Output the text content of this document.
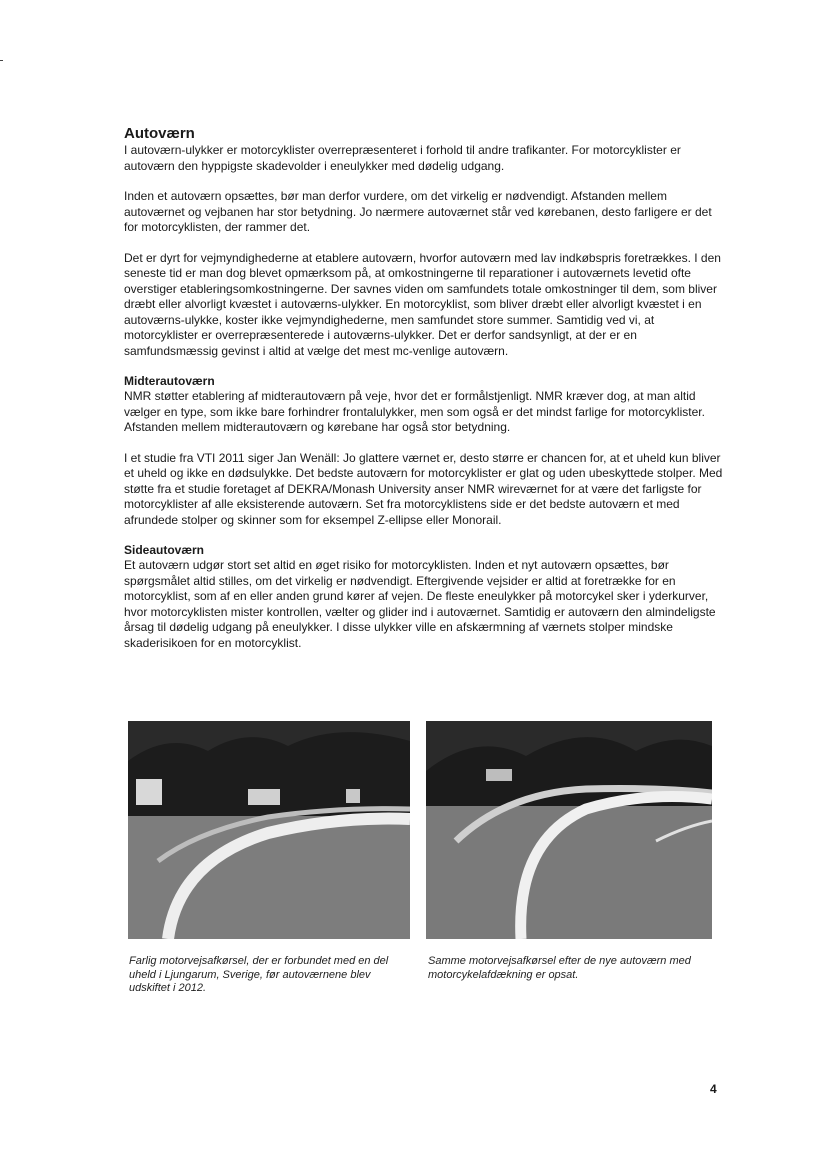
Autoværn

I autoværn-ulykker er motorcyklister overrepræsenteret i forhold til andre trafikanter. For motorcyklister er autoværn den hyppigste skadevolder i eneulykker med dødelig udgang.

Inden et autoværn opsættes, bør man derfor vurdere, om det virkelig er nødvendigt. Afstanden mellem autoværnet og vejbanen har stor betydning. Jo nærmere autoværnet står ved kørebanen, desto farligere er det for motorcyklisten, der rammer det.

Det er dyrt for vejmyndighederne at etablere autoværn, hvorfor autoværn med lav indkøbspris foretrækkes. I den seneste tid er man dog blevet opmærksom på, at omkostningerne til reparationer i autoværnets levetid ofte overstiger etableringsomkostningerne. Der savnes viden om samfundets totale omkostninger til dem, som bliver dræbt eller alvorligt kvæstet i autoværns-ulykker. En motorcyklist, som bliver dræbt eller alvorligt kvæstet i en autoværns-ulykke, koster ikke vejmyndighederne, men samfundet store summer. Samtidig ved vi, at motorcyklister er overrepræsenterede i autoværns-ulykker. Det er derfor sandsynligt, at der er en samfundsmæssig gevinst i altid at vælge det mest mc-venlige autoværn.

Midterautoværn

NMR støtter etablering af midterautoværn på veje, hvor det er formålstjenligt. NMR kræver dog, at man altid vælger en type, som ikke bare forhindrer frontalulykker, men som også er det mindst farlige for motorcyklister. Afstanden mellem midterautoværn og kørebane har også stor betydning.

I et studie fra VTI 2011 siger Jan Wenäll: Jo glattere værnet er, desto større er chancen for, at et uheld kun bliver et uheld og ikke en dødsulykke. Det bedste autoværn for motorcyklister er glat og uden ubeskyttede stolper. Med støtte fra et studie foretaget af DEKRA/Monash University anser NMR wireværnet for at være det farligste for motorcyklister af alle eksisterende autoværn. Set fra motorcyklistens side er det bedste autoværn et med afrundede stolper og skinner som for eksempel Z-ellipse eller Monorail.

Sideautoværn

Et autoværn udgør stort set altid en øget risiko for motorcyklisten. Inden et nyt autoværn opsættes, bør spørgsmålet altid stilles, om det virkelig er nødvendigt. Eftergivende vejsider er altid at foretrække for en motorcyklist, som af en eller anden grund kører af vejen. De fleste eneulykker på motorcykel sker i yderkurver, hvor motorcyklisten mister kontrollen, vælter og glider ind i autoværnet. Samtidig er autoværn den almindeligste årsag til dødelig udgang på eneulykker. I disse ulykker ville en afskærmning af værnets stolper mindske skaderisikoen for en motorcyklist.

Farlig motorvejsafkørsel, der er forbundet med en del uheld i Ljungarum, Sverige, før autoværnene blev udskiftet i 2012.
Samme motorvejsafkørsel efter de nye autoværn med motorcykelafdækning er opsat.
4
